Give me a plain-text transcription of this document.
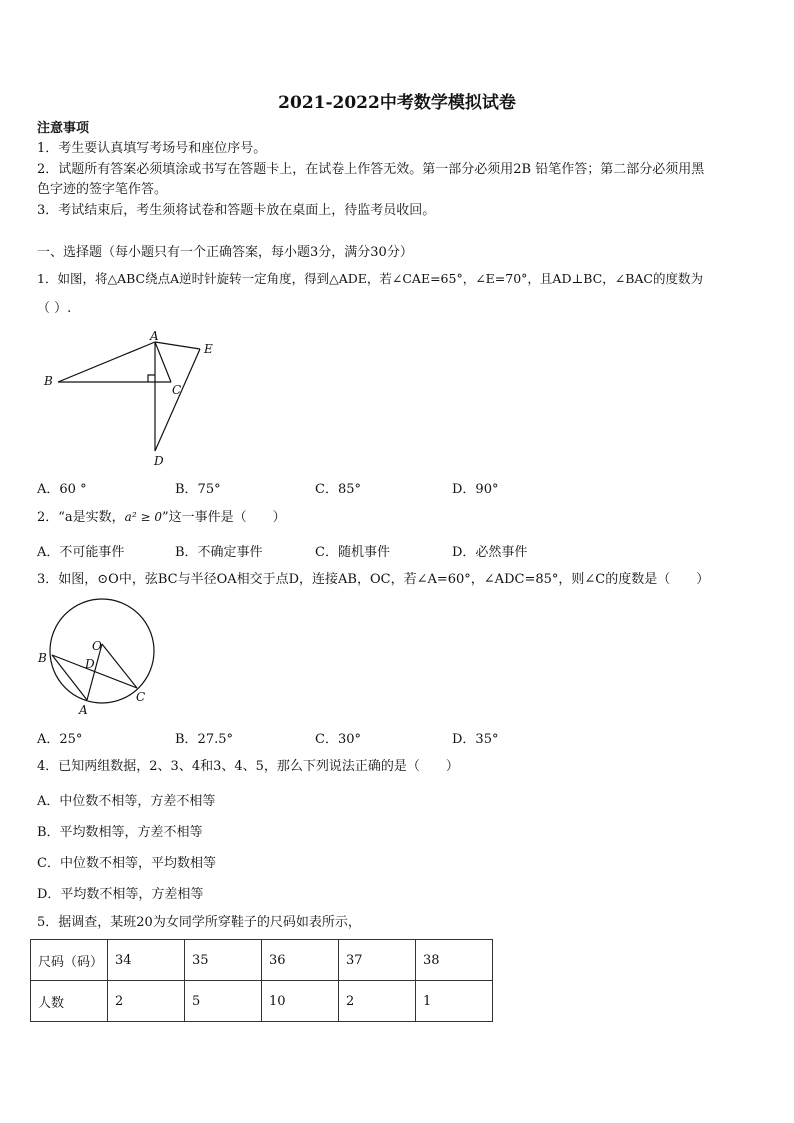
2021-2022中考数学模拟试卷
注意事项
1．考生要认真填写考场号和座位序号。
2．试题所有答案必须填涂或书写在答题卡上，在试卷上作答无效。第一部分必须用2B 铅笔作答；第二部分必须用黑
色字迹的签字笔作答。
3．考试结束后，考生须将试卷和答题卡放在桌面上，待监考员收回。
一、选择题（每小题只有一个正确答案，每小题3分，满分30分）
1．如图，将△ABC绕点A逆时针旋转一定角度，得到△ADE，若∠CAE=65°，∠E=70°，且AD⊥BC，∠BAC的度数为
（ ）.
A
E
B
C
D
A．60 °	B．75°	C．85°	D．90°
2．“a是实数，a² ≥ 0”这一事件是（　　）
A．不可能事件	B．不确定事件	C．随机事件	D．必然事件
3．如图，⊙O中，弦BC与半径OA相交于点D，连接AB，OC，若∠A=60°，∠ADC=85°，则∠C的度数是（　　）
O
B	D
C
A
A．25°	B．27.5°	C．30°	D．35°
4．已知两组数据，2、3、4和3、4、5，那么下列说法正确的是（　　）
A．中位数不相等，方差不相等
B．平均数相等，方差不相等
C．中位数不相等，平均数相等
D．平均数不相等，方差相等
5．据调查，某班20为女同学所穿鞋子的尺码如表所示，
尺码（码）	34	35	36	37	38
人数	2	5	10	2	1
